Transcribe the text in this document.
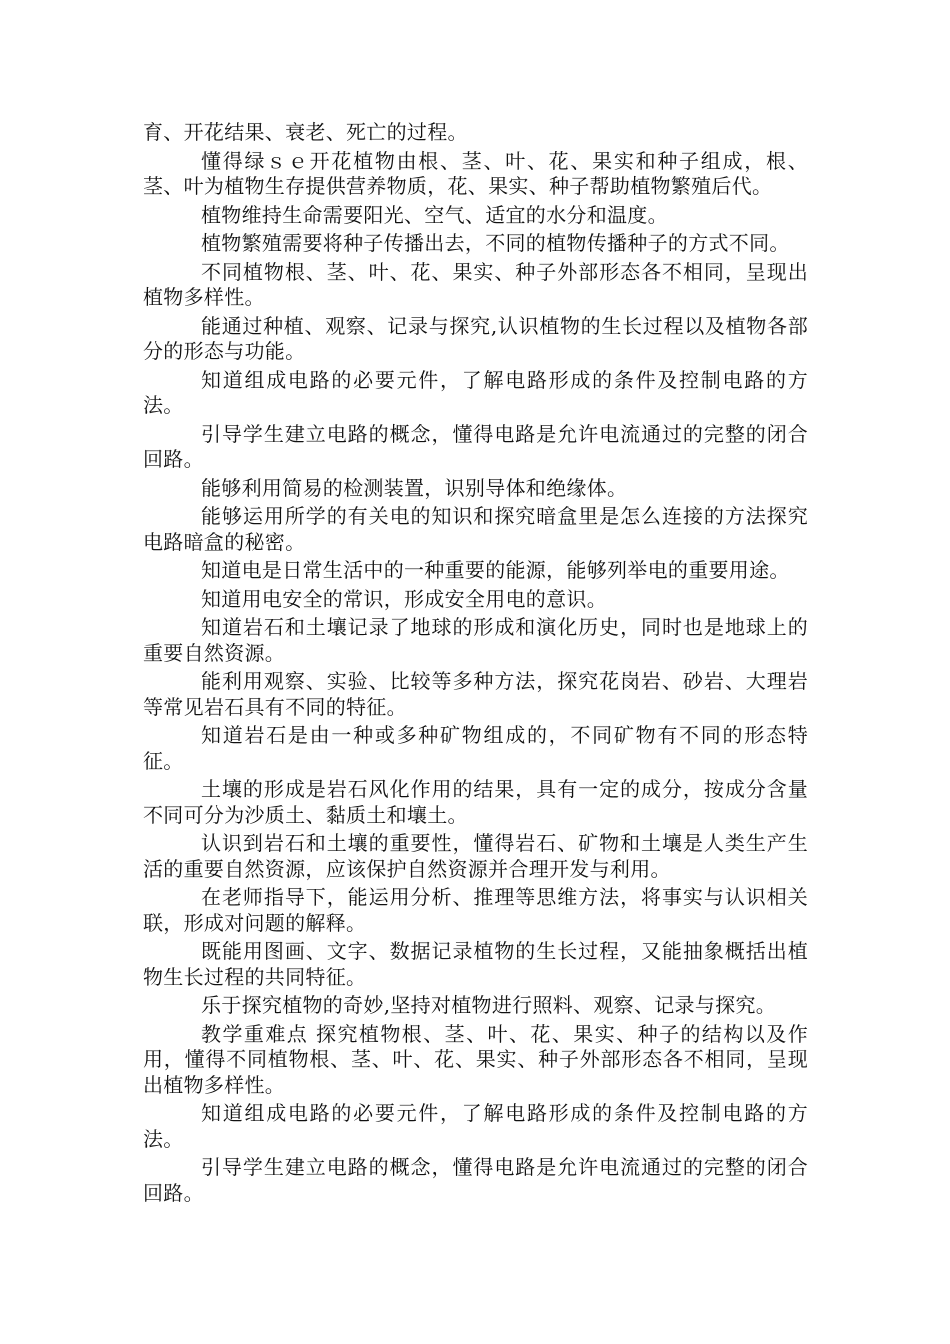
育、开花结果、衰老、死亡的过程。

懂得绿ｓｅ开花植物由根、茎、叶、花、果实和种子组成，根、茎、叶为植物生存提供营养物质，花、果实、种子帮助植物繁殖后代。

植物维持生命需要阳光、空气、适宜的水分和温度。

植物繁殖需要将种子传播出去，不同的植物传播种子的方式不同。

不同植物根、茎、叶、花、果实、种子外部形态各不相同，呈现出植物多样性。

能通过种植、观察、记录与探究,认识植物的生长过程以及植物各部分的形态与功能。

知道组成电路的必要元件，了解电路形成的条件及控制电路的方法。

引导学生建立电路的概念，懂得电路是允许电流通过的完整的闭合回路。

能够利用简易的检测装置，识别导体和绝缘体。

能够运用所学的有关电的知识和探究暗盒里是怎么连接的方法探究电路暗盒的秘密。

知道电是日常生活中的一种重要的能源，能够列举电的重要用途。

知道用电安全的常识，形成安全用电的意识。

知道岩石和土壤记录了地球的形成和演化历史，同时也是地球上的重要自然资源。

能利用观察、实验、比较等多种方法，探究花岗岩、砂岩、大理岩等常见岩石具有不同的特征。

知道岩石是由一种或多种矿物组成的，不同矿物有不同的形态特征。

土壤的形成是岩石风化作用的结果，具有一定的成分，按成分含量不同可分为沙质土、黏质土和壤土。

认识到岩石和土壤的重要性，懂得岩石、矿物和土壤是人类生产生活的重要自然资源，应该保护自然资源并合理开发与利用。

在老师指导下，能运用分析、推理等思维方法，将事实与认识相关联，形成对问题的解释。

既能用图画、文字、数据记录植物的生长过程，又能抽象概括出植物生长过程的共同特征。

乐于探究植物的奇妙,坚持对植物进行照料、观察、记录与探究。

教学重难点 探究植物根、茎、叶、花、果实、种子的结构以及作用，懂得不同植物根、茎、叶、花、果实、种子外部形态各不相同，呈现出植物多样性。

知道组成电路的必要元件，了解电路形成的条件及控制电路的方法。

引导学生建立电路的概念，懂得电路是允许电流通过的完整的闭合回路。
